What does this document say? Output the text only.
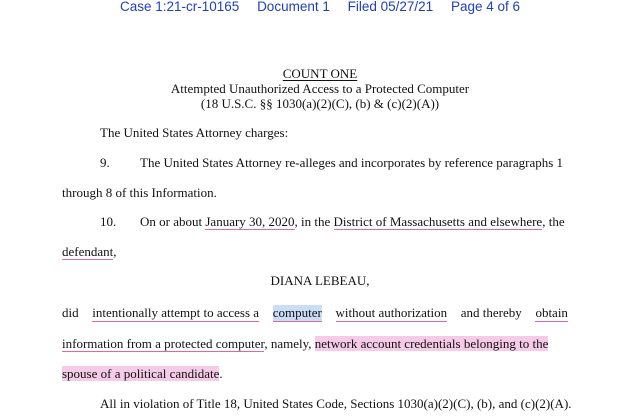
Case 1:21-cr-10165 Document 1 Filed 05/27/21 Page 4 of 6
COUNT ONE
Attempted Unauthorized Access to a Protected Computer
(18 U.S.C. §§ 1030(a)(2)(C), (b) & (c)(2)(A))
The United States Attorney charges:
9. The United States Attorney re-alleges and incorporates by reference paragraphs 1
through 8 of this Information.
10. On or about January 30, 2020, in the District of Massachusetts and elsewhere, the
defendant,
DIANA LEBEAU,
did intentionally attempt to access a computer without authorization and thereby obtain
information from a protected computer, namely, network account credentials belonging to the
spouse of a political candidate.
All in violation of Title 18, United States Code, Sections 1030(a)(2)(C), (b), and (c)(2)(A).
